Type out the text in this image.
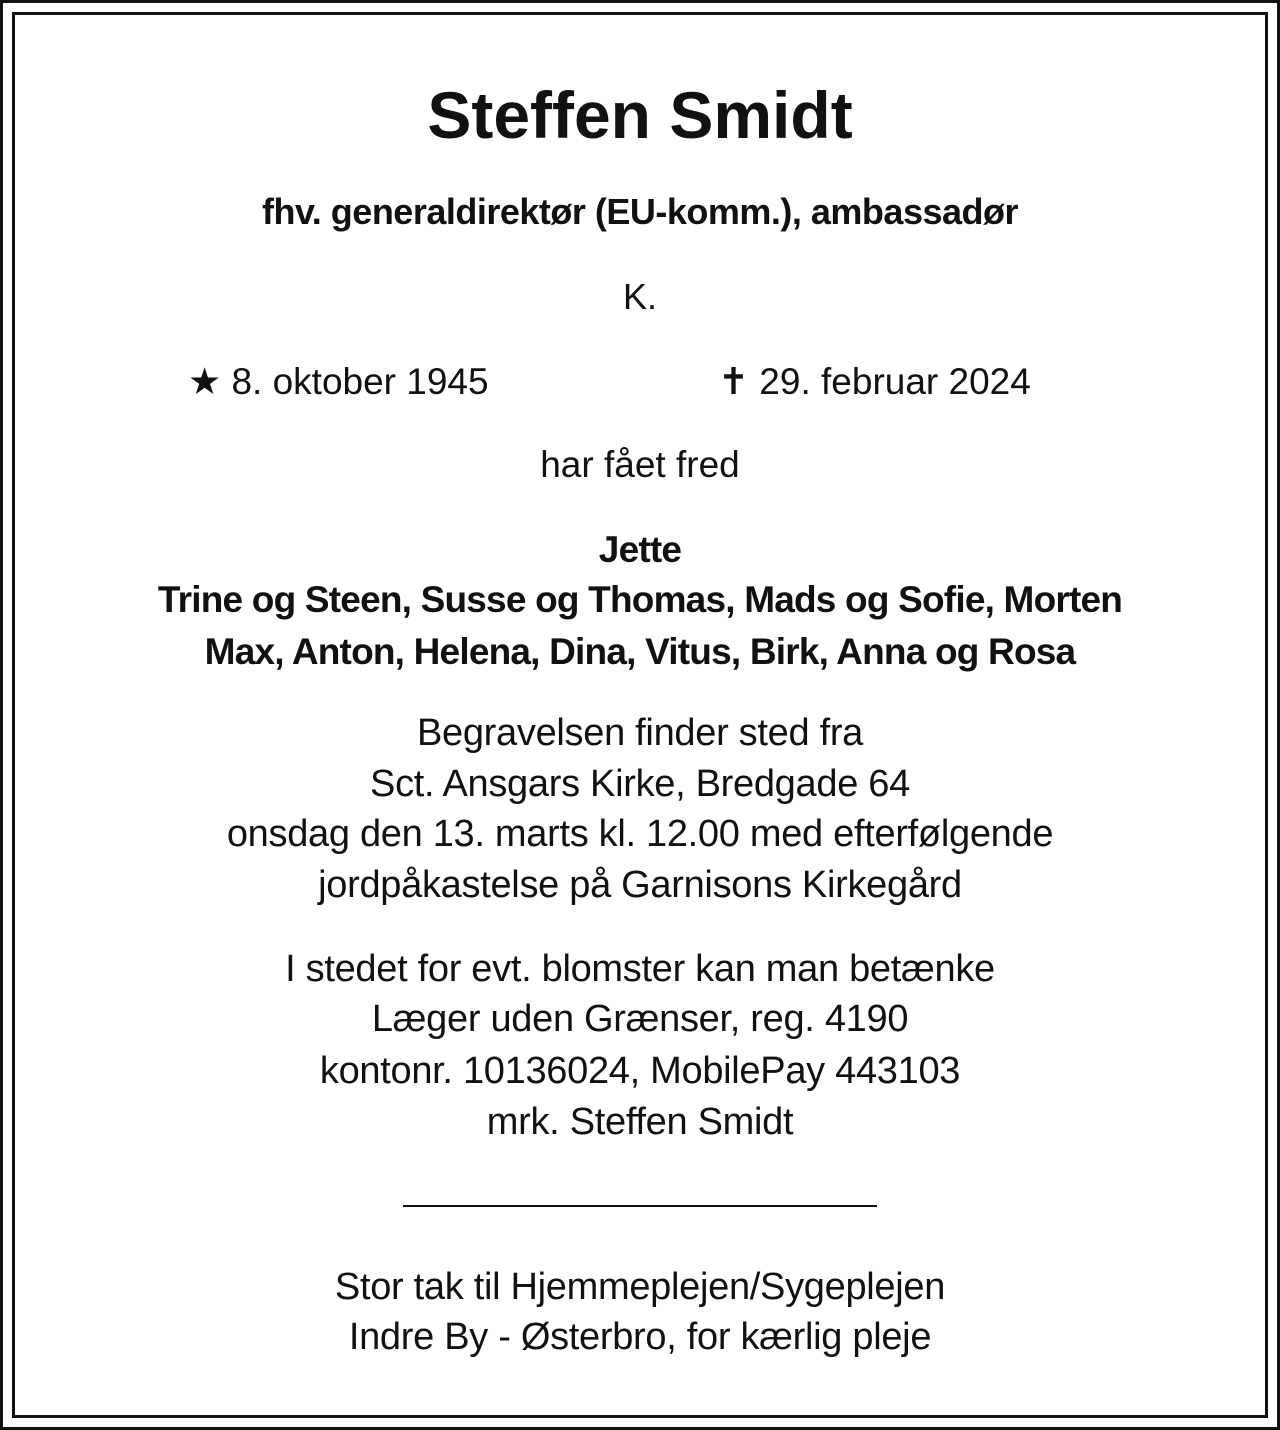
Steffen Smidt
fhv. generaldirektør (EU-komm.), ambassadør
K.
★ 8. oktober 1945	✝ 29. februar 2024
har fået fred
Jette
Trine og Steen, Susse og Thomas, Mads og Sofie, Morten
Max, Anton, Helena, Dina, Vitus, Birk, Anna og Rosa
Begravelsen finder sted fra
Sct. Ansgars Kirke, Bredgade 64
onsdag den 13. marts kl. 12.00 med efterfølgende
jordpåkastelse på Garnisons Kirkegård
I stedet for evt. blomster kan man betænke
Læger uden Grænser, reg. 4190
kontonr. 10136024, MobilePay 443103
mrk. Steffen Smidt
Stor tak til Hjemmeplejen/Sygeplejen
Indre By - Østerbro, for kærlig pleje
